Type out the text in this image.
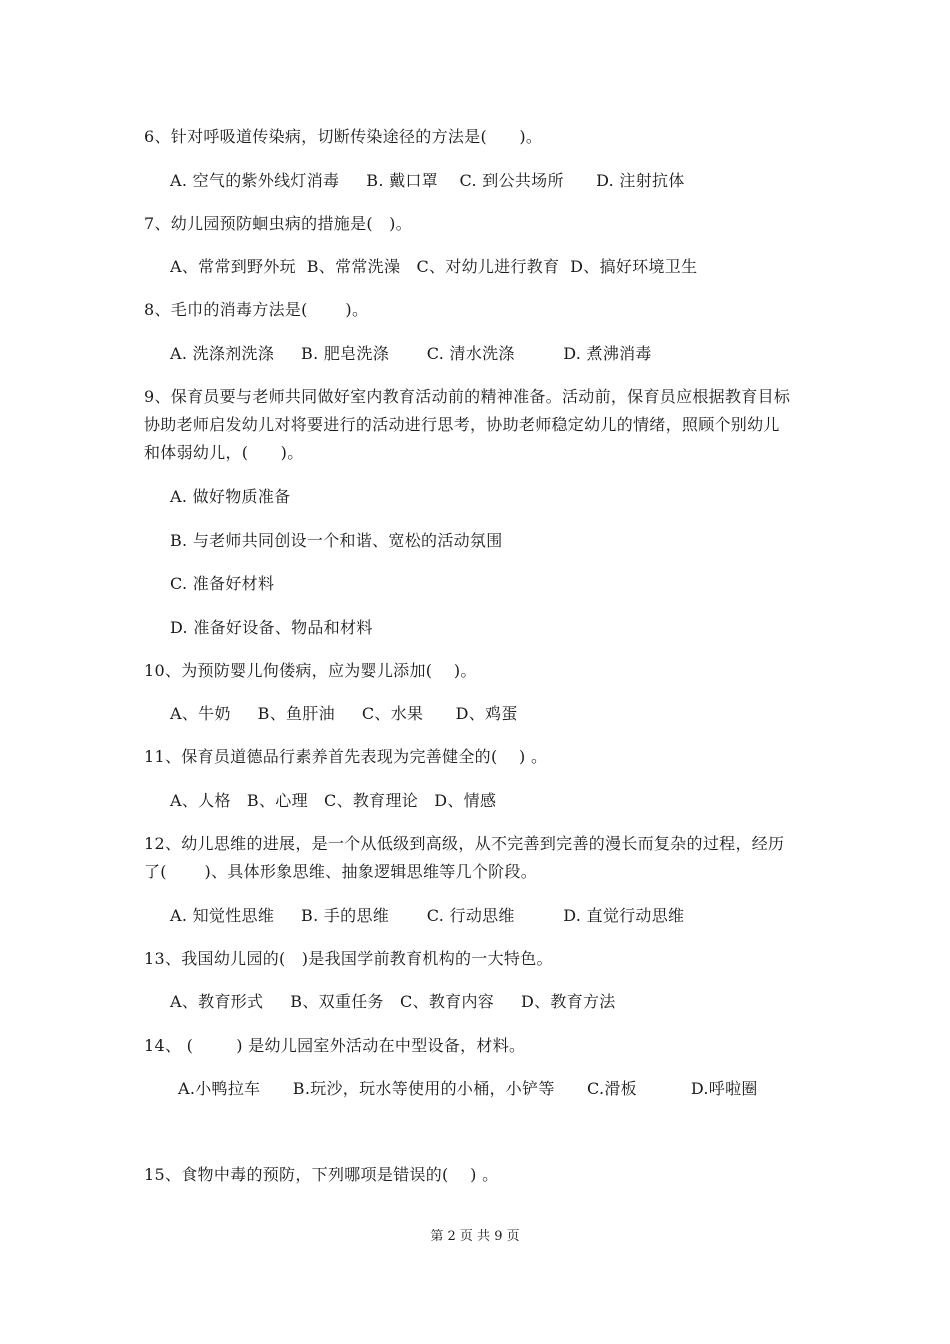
6、针对呼吸道传染病，切断传染途径的方法是(      )。
A. 空气的紫外线灯消毒     B. 戴口罩    C. 到公共场所      D. 注射抗体
7、幼儿园预防蛔虫病的措施是(   )。
A、常常到野外玩  B、常常洗澡   C、对幼儿进行教育  D、搞好环境卫生
8、毛巾的消毒方法是(       )。
A. 洗涤剂洗涤     B. 肥皂洗涤       C. 清水洗涤         D. 煮沸消毒
9、保育员要与老师共同做好室内教育活动前的精神准备。活动前，保育员应根据教育目标
协助老师启发幼儿对将要进行的活动进行思考，协助老师稳定幼儿的情绪，照顾个别幼儿
和体弱幼儿，(      )。
A. 做好物质准备
B. 与老师共同创设一个和谐、宽松的活动氛围
C. 准备好材料
D. 准备好设备、物品和材料
10、为预防婴儿佝偻病，应为婴儿添加(    )。
A、牛奶     B、鱼肝油     C、水果      D、鸡蛋
11、保育员道德品行素养首先表现为完善健全的(    ) 。
A、人格   B、心理   C、教育理论   D、情感
12、幼儿思维的进展，是一个从低级到高级，从不完善到完善的漫长而复杂的过程，经历
了(       )、具体形象思维、抽象逻辑思维等几个阶段。
A. 知觉性思维     B. 手的思维       C. 行动思维         D. 直觉行动思维
13、我国幼儿园的(   )是我国学前教育机构的一大特色。
A、教育形式     B、双重任务   C、教育内容     D、教育方法
14、 (        ) 是幼儿园室外活动在中型设备，材料。
A.小鸭拉车      B.玩沙，玩水等使用的小桶，小铲等      C.滑板          D.呼啦圈
15、食物中毒的预防，下列哪项是错误的(    ) 。
第 2 页 共 9 页
